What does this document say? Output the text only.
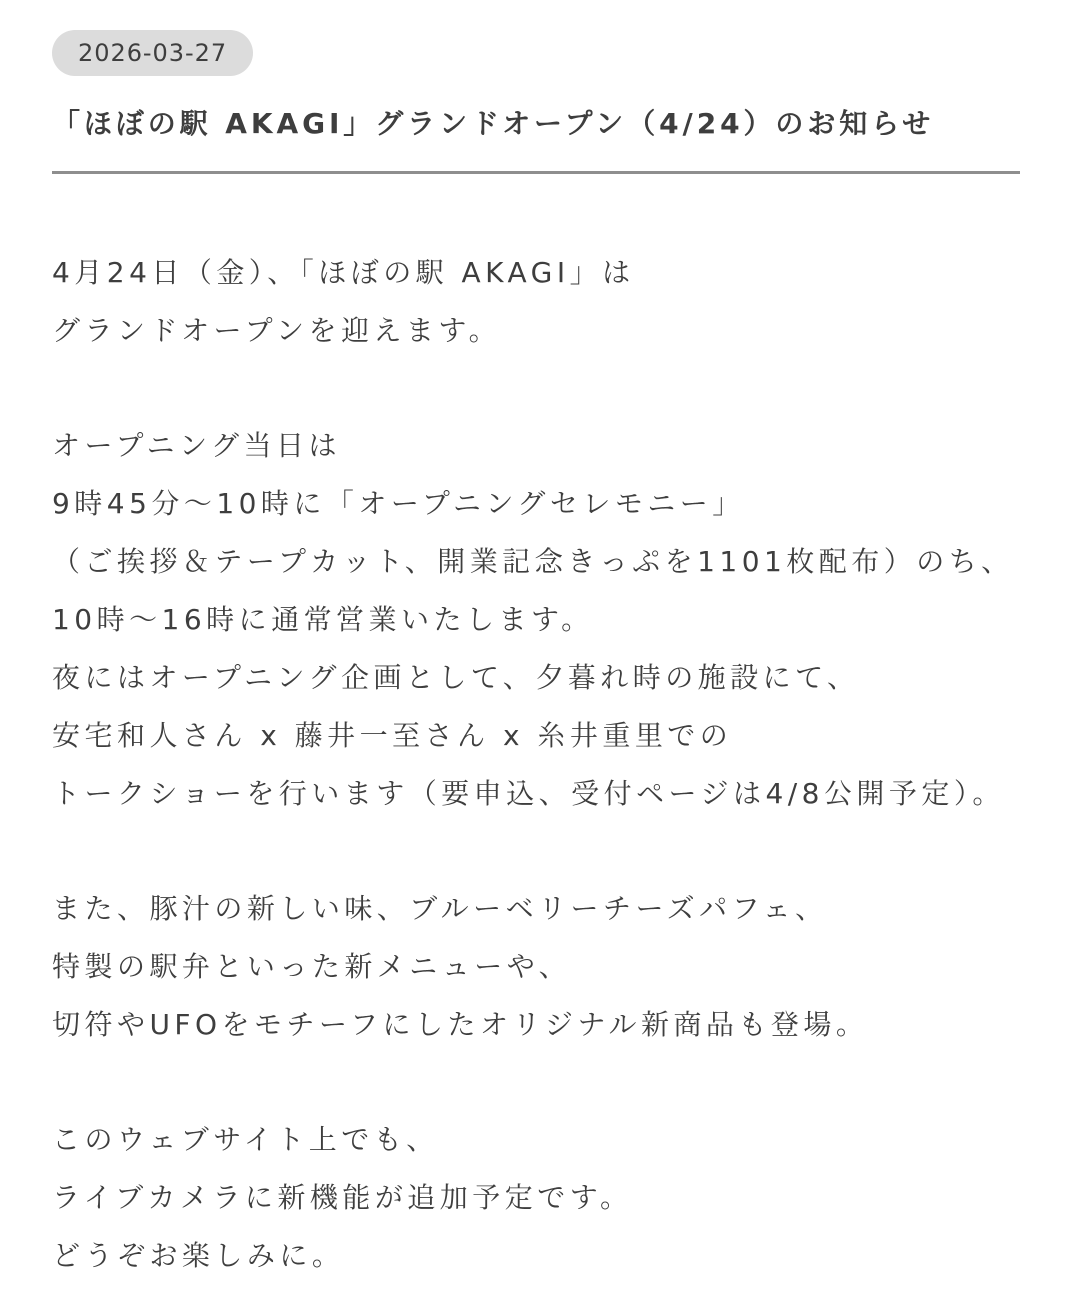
2026-03-27
「ほぼの駅 AKAGI」グランドオープン（4/24）のお知らせ

4月24日（金）、「ほぼの駅 AKAGI」は
グランドオープンを迎えます。

オープニング当日は
9時45分～10時に「オープニングセレモニー」
（ご挨拶＆テープカット、開業記念きっぷを1101枚配布）のち、
10時～16時に通常営業いたします。
夜にはオープニング企画として、夕暮れ時の施設にて、
安宅和人さん x 藤井一至さん x 糸井重里での
トークショーを行います（要申込、受付ページは4/8公開予定）。

また、豚汁の新しい味、ブルーベリーチーズパフェ、
特製の駅弁といった新メニューや、
切符やUFOをモチーフにしたオリジナル新商品も登場。

このウェブサイト上でも、
ライブカメラに新機能が追加予定です。
どうぞお楽しみに。
